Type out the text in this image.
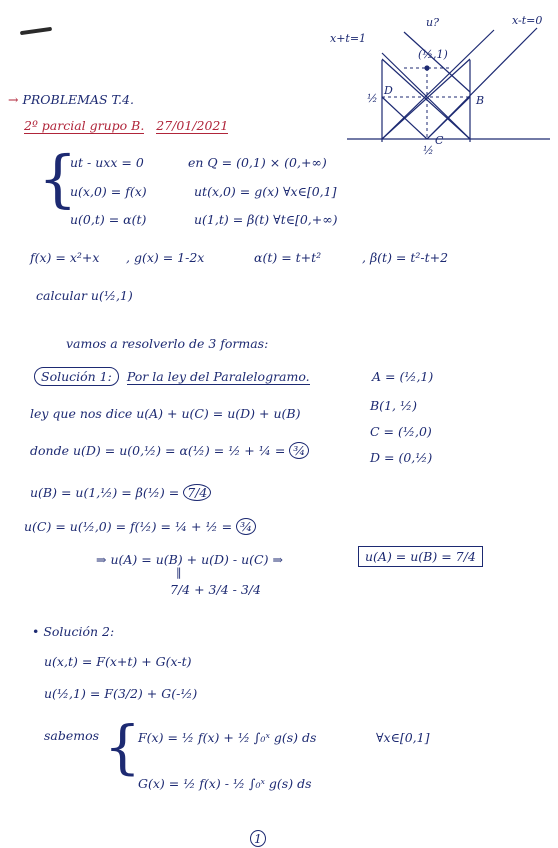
x+t=1
x-t=0
(½,1)
u?
D
B
C
½
½
→ PROBLEMAS T.4.
2º parcial grupo B. 27/01/2021
{
ut - uxx = 0	en Q = (0,1) × (0,+∞)
u(x,0) = f(x)	ut(x,0) = g(x) ∀x∈[0,1]
u(0,t) = α(t)	u(1,t) = β(t) ∀t∈[0,+∞)
f(x) = x²+x , g(x) = 1-2x	α(t) = t+t²	, β(t) = t²-t+2
calcular u(½,1)
vamos a resolverlo de 3 formas:
Solución 1: Por la ley del Paralelogramo.	A = (½,1)
B(1, ½)
C = (½,0)
D = (0,½)
ley que nos dice u(A) + u(C) = u(D) + u(B)
donde u(D) = u(0,½) = α(½) = ½ + ¼ = ¾
u(B) = u(1,½) = β(½) = 7/4
u(C) = u(½,0) = f(½) = ¼ + ½ = ¾
⇒ u(A) = u(B) + u(D) - u(C) ⇒	u(A) = u(B) = 7/4
‖
7/4 + 3/4 - 3/4
• Solución 2:
u(x,t) = F(x+t) + G(x-t)
u(½,1) = F(3/2) + G(-½)
sabemos {
F(x) = ½ f(x) + ½ ∫₀ˣ g(s) ds	∀x∈[0,1]
G(x) = ½ f(x) - ½ ∫₀ˣ g(s) ds
1
